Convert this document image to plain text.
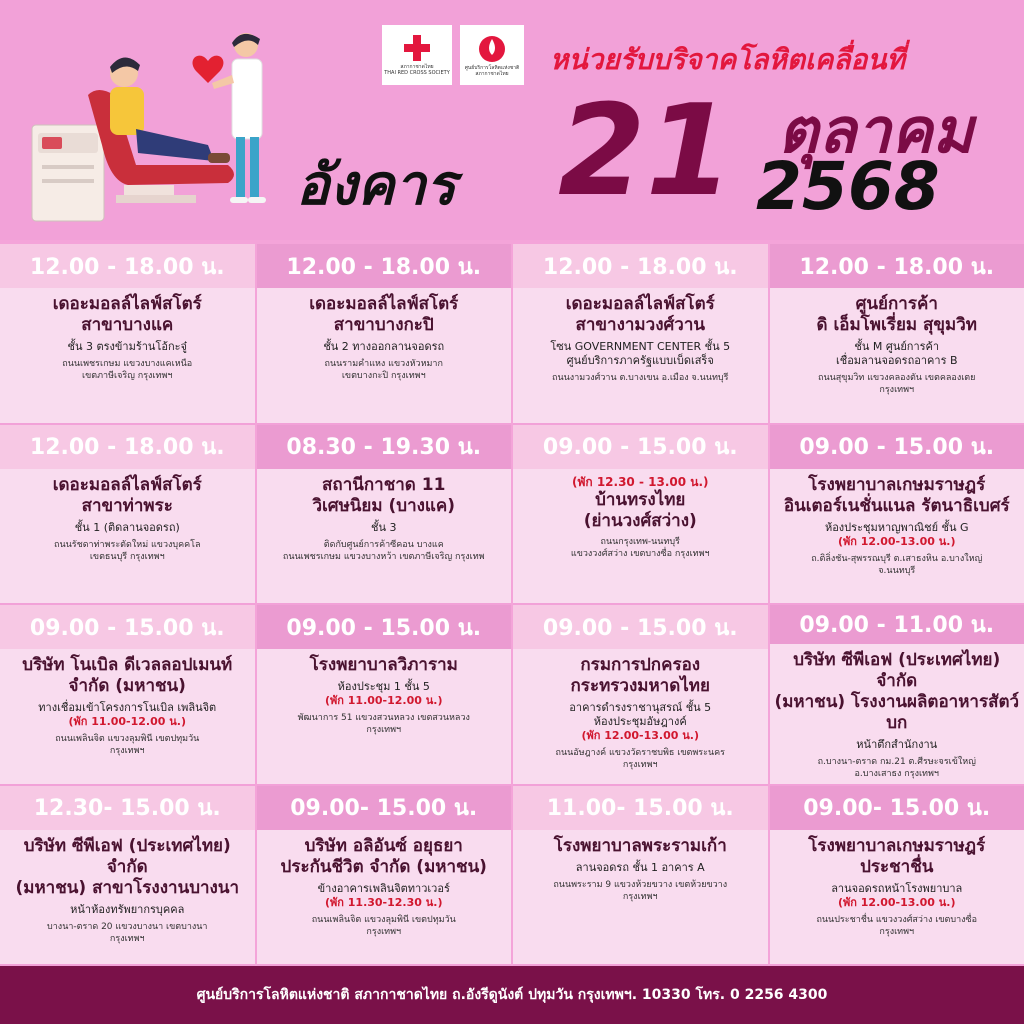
สภากาชาดไทย
THAI RED CROSS SOCIETY
ศูนย์บริการโลหิตแห่งชาติ
สภากาชาดไทย	หน่วยรับบริจาคโลหิตเคลื่อนที่
อังคาร 21 ตุลาคม
2568
12.00 - 18.00 น.
เดอะมอลล์ไลฟ์สโตร์
สาขาบางแค
ชั้น 3 ตรงข้ามร้านโอ้กะจู๋
ถนนเพชรเกษม แขวงบางแคเหนือ
เขตภาษีเจริญ กรุงเทพฯ
12.00 - 18.00 น.
เดอะมอลล์ไลฟ์สโตร์
สาขาบางกะปิ
ชั้น 2 ทางออกลานจอดรถ
ถนนรามคำแหง แขวงหัวหมาก
เขตบางกะปิ กรุงเทพฯ
12.00 - 18.00 น.
เดอะมอลล์ไลฟ์สโตร์
สาขางามวงศ์วาน
โซน GOVERNMENT CENTER ชั้น 5
ศูนย์บริการภาครัฐแบบเบ็ดเสร็จ
ถนนงามวงศ์วาน ต.บางเขน อ.เมือง จ.นนทบุรี
12.00 - 18.00 น.
ศูนย์การค้า
ดิ เอ็มโพเรี่ยม สุขุมวิท
ชั้น M ศูนย์การค้า
เชื่อมลานจอดรถอาคาร B
ถนนสุขุมวิท แขวงคลองตัน เขตคลองเตย
กรุงเทพฯ
12.00 - 18.00 น.
เดอะมอลล์ไลฟ์สโตร์
สาขาท่าพระ
ชั้น 1 (ติดลานจอดรถ)
ถนนรัชดาท่าพระตัดใหม่ แขวงบุคคโล
เขตธนบุรี กรุงเทพฯ
08.30 - 19.30 น.
สถานีกาชาด 11
วิเศษนิยม (บางแค)
ชั้น 3
ติดกับศูนย์การค้าซีคอน บางแค
ถนนเพชรเกษม แขวงบางหว้า เขตภาษีเจริญ กรุงเทพ
09.00 - 15.00 น.
(พัก 12.30 - 13.00 น.)
บ้านทรงไทย
(ย่านวงศ์สว่าง)
ถนนกรุงเทพ-นนทบุรี
แขวงวงศ์สว่าง เขตบางซื่อ กรุงเทพฯ
09.00 - 15.00 น.
โรงพยาบาลเกษมราษฎร์
อินเตอร์เนชั่นแนล รัตนาธิเบศร์
ห้องประชุมหาญพาณิชย์ ชั้น G
(พัก 12.00-13.00 น.)
ถ.ติลิ่งชัน-สุพรรณบุรี ต.เสาธงหิน อ.บางใหญ่
จ.นนทบุรี
09.00 - 15.00 น.
บริษัท โนเบิล ดีเวลลอปเมนท์
จำกัด (มหาชน)
ทางเชื่อมเข้าโครงการโนเบิล เพลินจิต
(พัก 11.00-12.00 น.)
ถนนเพลินจิต แขวงลุมพินี เขตปทุมวัน
กรุงเทพฯ
09.00 - 15.00 น.
โรงพยาบาลวิภาราม
ห้องประชุม 1 ชั้น 5
(พัก 11.00-12.00 น.)
พัฒนาการ 51 แขวงสวนหลวง เขตสวนหลวง
กรุงเทพฯ
09.00 - 15.00 น.
กรมการปกครอง
กระทรวงมหาดไทย
อาคารดำรงราชานุสรณ์ ชั้น 5
ห้องประชุมอัษฎางค์
(พัก 12.00-13.00 น.)
ถนนอัษฎางค์ แขวงวัดราชบพิธ เขตพระนคร
กรุงเทพฯ
09.00 - 11.00 น.
บริษัท ซีพีเอฟ (ประเทศไทย) จำกัด
(มหาชน) โรงงานผลิตอาหารสัตว์บก
หน้าตึกสำนักงาน
ถ.บางนา-ตราด กม.21 ต.ศีรษะจรเข้ใหญ่
อ.บางเสาธง กรุงเทพฯ
12.30- 15.00 น.
บริษัท ซีพีเอฟ (ประเทศไทย) จำกัด
(มหาชน) สาขาโรงงานบางนา
หน้าห้องทรัพยากรบุคคล
บางนา-ตราด 20 แขวงบางนา เขตบางนา
กรุงเทพฯ
09.00- 15.00 น.
บริษัท อลิอันซ์ อยุธยา
ประกันชีวิต จำกัด (มหาชน)
ข้างอาคารเพลินจิตทาวเวอร์
(พัก 11.30-12.30 น.)
ถนนเพลินจิต แขวงลุมพินี เขตปทุมวัน
กรุงเทพฯ
11.00- 15.00 น.
โรงพยาบาลพระรามเก้า
ลานจอดรถ ชั้น 1 อาคาร A
ถนนพระราม 9 แขวงห้วยขวาง เขตห้วยขวาง
กรุงเทพฯ
09.00- 15.00 น.
โรงพยาบาลเกษมราษฎร์
ประชาชื่น
ลานจอดรถหน้าโรงพยาบาล
(พัก 12.00-13.00 น.)
ถนนประชาชื่น แขวงวงศ์สว่าง เขตบางซื่อ
กรุงเทพฯ
ศูนย์บริการโลหิตแห่งชาติ สภากาชาดไทย ถ.อังรีดูนังต์ ปทุมวัน กรุงเทพฯ. 10330 โทร. 0 2256 4300
